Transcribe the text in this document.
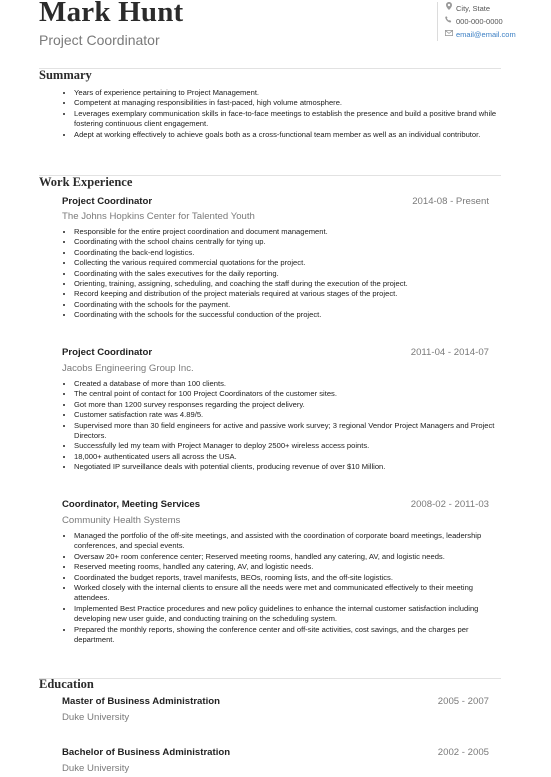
Mark Hunt
Project Coordinator
City, State
000-000-0000
email@email.com
Summary
• Years of experience pertaining to Project Management.
• Competent at managing responsibilities in fast-paced, high volume atmosphere.
• Leverages exemplary communication skills in face-to-face meetings to establish the presence and build a positive brand while fostering continuous client engagement.
• Adept at working effectively to achieve goals both as a cross-functional team member as well as an individual contributor.
Work Experience
Project Coordinator	2014-08 - Present
The Johns Hopkins Center for Talented Youth
• Responsible for the entire project coordination and document management.
• Coordinating with the school chains centrally for tying up.
• Coordinating the back-end logistics.
• Collecting the various required commercial quotations for the project.
• Coordinating with the sales executives for the daily reporting.
• Orienting, training, assigning, scheduling, and coaching the staff during the execution of the project.
• Record keeping and distribution of the project materials required at various stages of the project.
• Coordinating with the schools for the payment.
• Coordinating with the schools for the successful conduction of the project.
Project Coordinator	2011-04 - 2014-07
Jacobs Engineering Group Inc.
• Created a database of more than 100 clients.
• The central point of contact for 100 Project Coordinators of the customer sites.
• Got more than 1200 survey responses regarding the project delivery.
• Customer satisfaction rate was 4.89/5.
• Supervised more than 30 field engineers for active and passive work survey; 3 regional Vendor Project Managers and Project Directors.
• Successfully led my team with Project Manager to deploy 2500+ wireless access points.
• 18,000+ authenticated users all across the USA.
• Negotiated IP surveillance deals with potential clients, producing revenue of over $10 Million.
Coordinator, Meeting Services	2008-02 - 2011-03
Community Health Systems
• Managed the portfolio of the off-site meetings, and assisted with the coordination of corporate board meetings, leadership conferences, and special events.
• Oversaw 20+ room conference center; Reserved meeting rooms, handled any catering, AV, and logistic needs.
• Reserved meeting rooms, handled any catering, AV, and logistic needs.
• Coordinated the budget reports, travel manifests, BEOs, rooming lists, and the off-site logistics.
• Worked closely with the internal clients to ensure all the needs were met and communicated effectively to their meeting attendees.
• Implemented Best Practice procedures and new policy guidelines to enhance the internal customer satisfaction including developing new user guide, and conducting training on the scheduling system.
• Prepared the monthly reports, showing the conference center and off-site activities, cost savings, and the charges per department.
Education
Master of Business Administration	2005 - 2007
Duke University
Bachelor of Business Administration	2002 - 2005
Duke University
